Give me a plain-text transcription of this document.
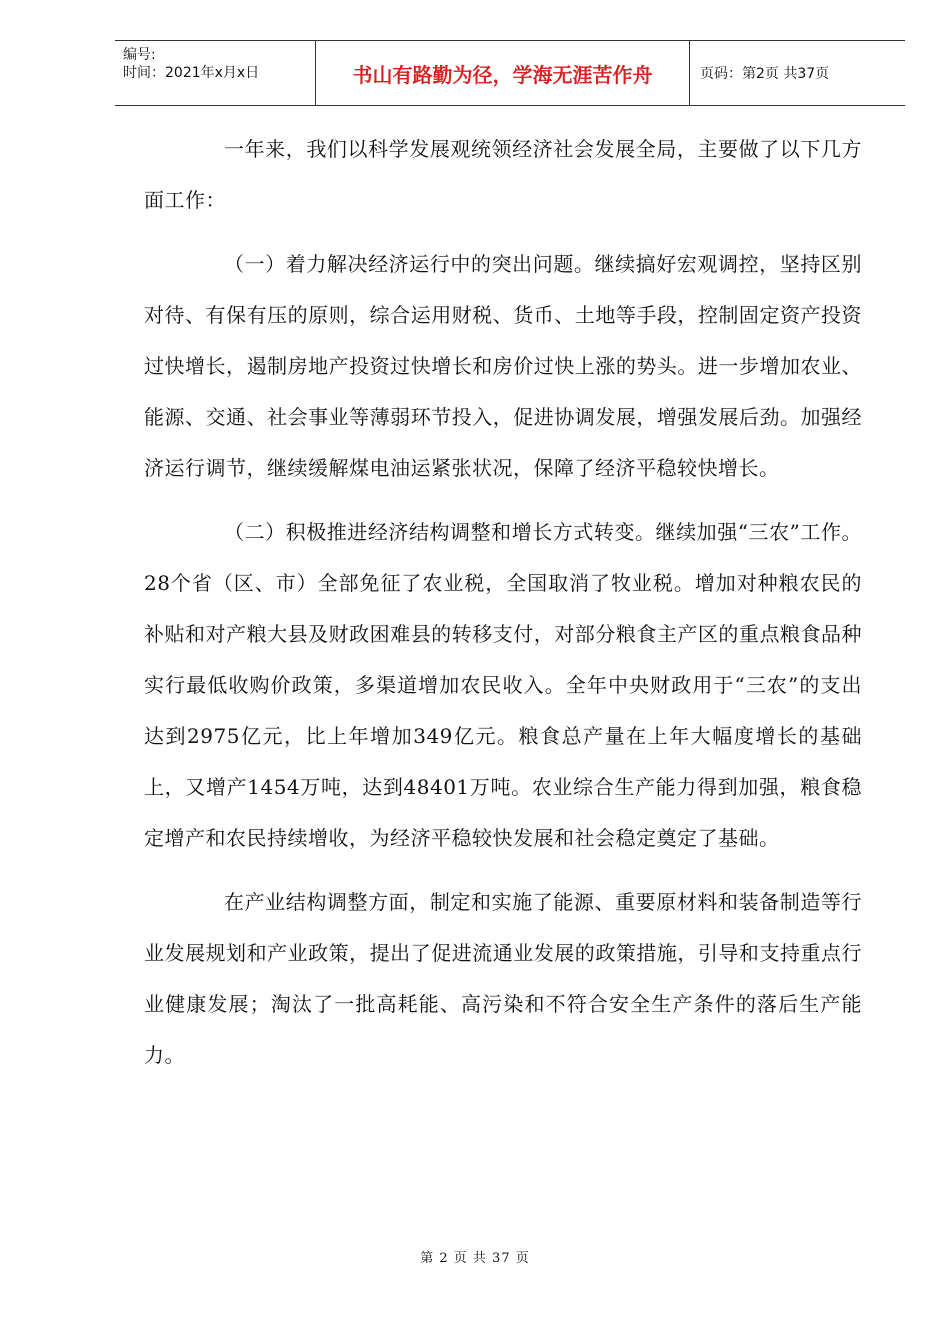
编号:
时间：2021年x月x日	书山有路勤为径，学海无涯苦作舟	页码：第2页 共37页

一年来，我们以科学发展观统领经济社会发展全局，主要做了以下几方面工作：

（一）着力解决经济运行中的突出问题。继续搞好宏观调控，坚持区别对待、有保有压的原则，综合运用财税、货币、土地等手段，控制固定资产投资过快增长，遏制房地产投资过快增长和房价过快上涨的势头。进一步增加农业、能源、交通、社会事业等薄弱环节投入，促进协调发展，增强发展后劲。加强经济运行调节，继续缓解煤电油运紧张状况，保障了经济平稳较快增长。

（二）积极推进经济结构调整和增长方式转变。继续加强“三农”工作。28个省（区、市）全部免征了农业税，全国取消了牧业税。增加对种粮农民的补贴和对产粮大县及财政困难县的转移支付，对部分粮食主产区的重点粮食品种实行最低收购价政策，多渠道增加农民收入。全年中央财政用于“三农”的支出达到2975亿元，比上年增加349亿元。粮食总产量在上年大幅度增长的基础上，又增产1454万吨，达到48401万吨。农业综合生产能力得到加强，粮食稳定增产和农民持续增收，为经济平稳较快发展和社会稳定奠定了基础。

在产业结构调整方面，制定和实施了能源、重要原材料和装备制造等行业发展规划和产业政策，提出了促进流通业发展的政策措施，引导和支持重点行业健康发展；淘汰了一批高耗能、高污染和不符合安全生产条件的落后生产能力。

第 2 页 共 37 页
